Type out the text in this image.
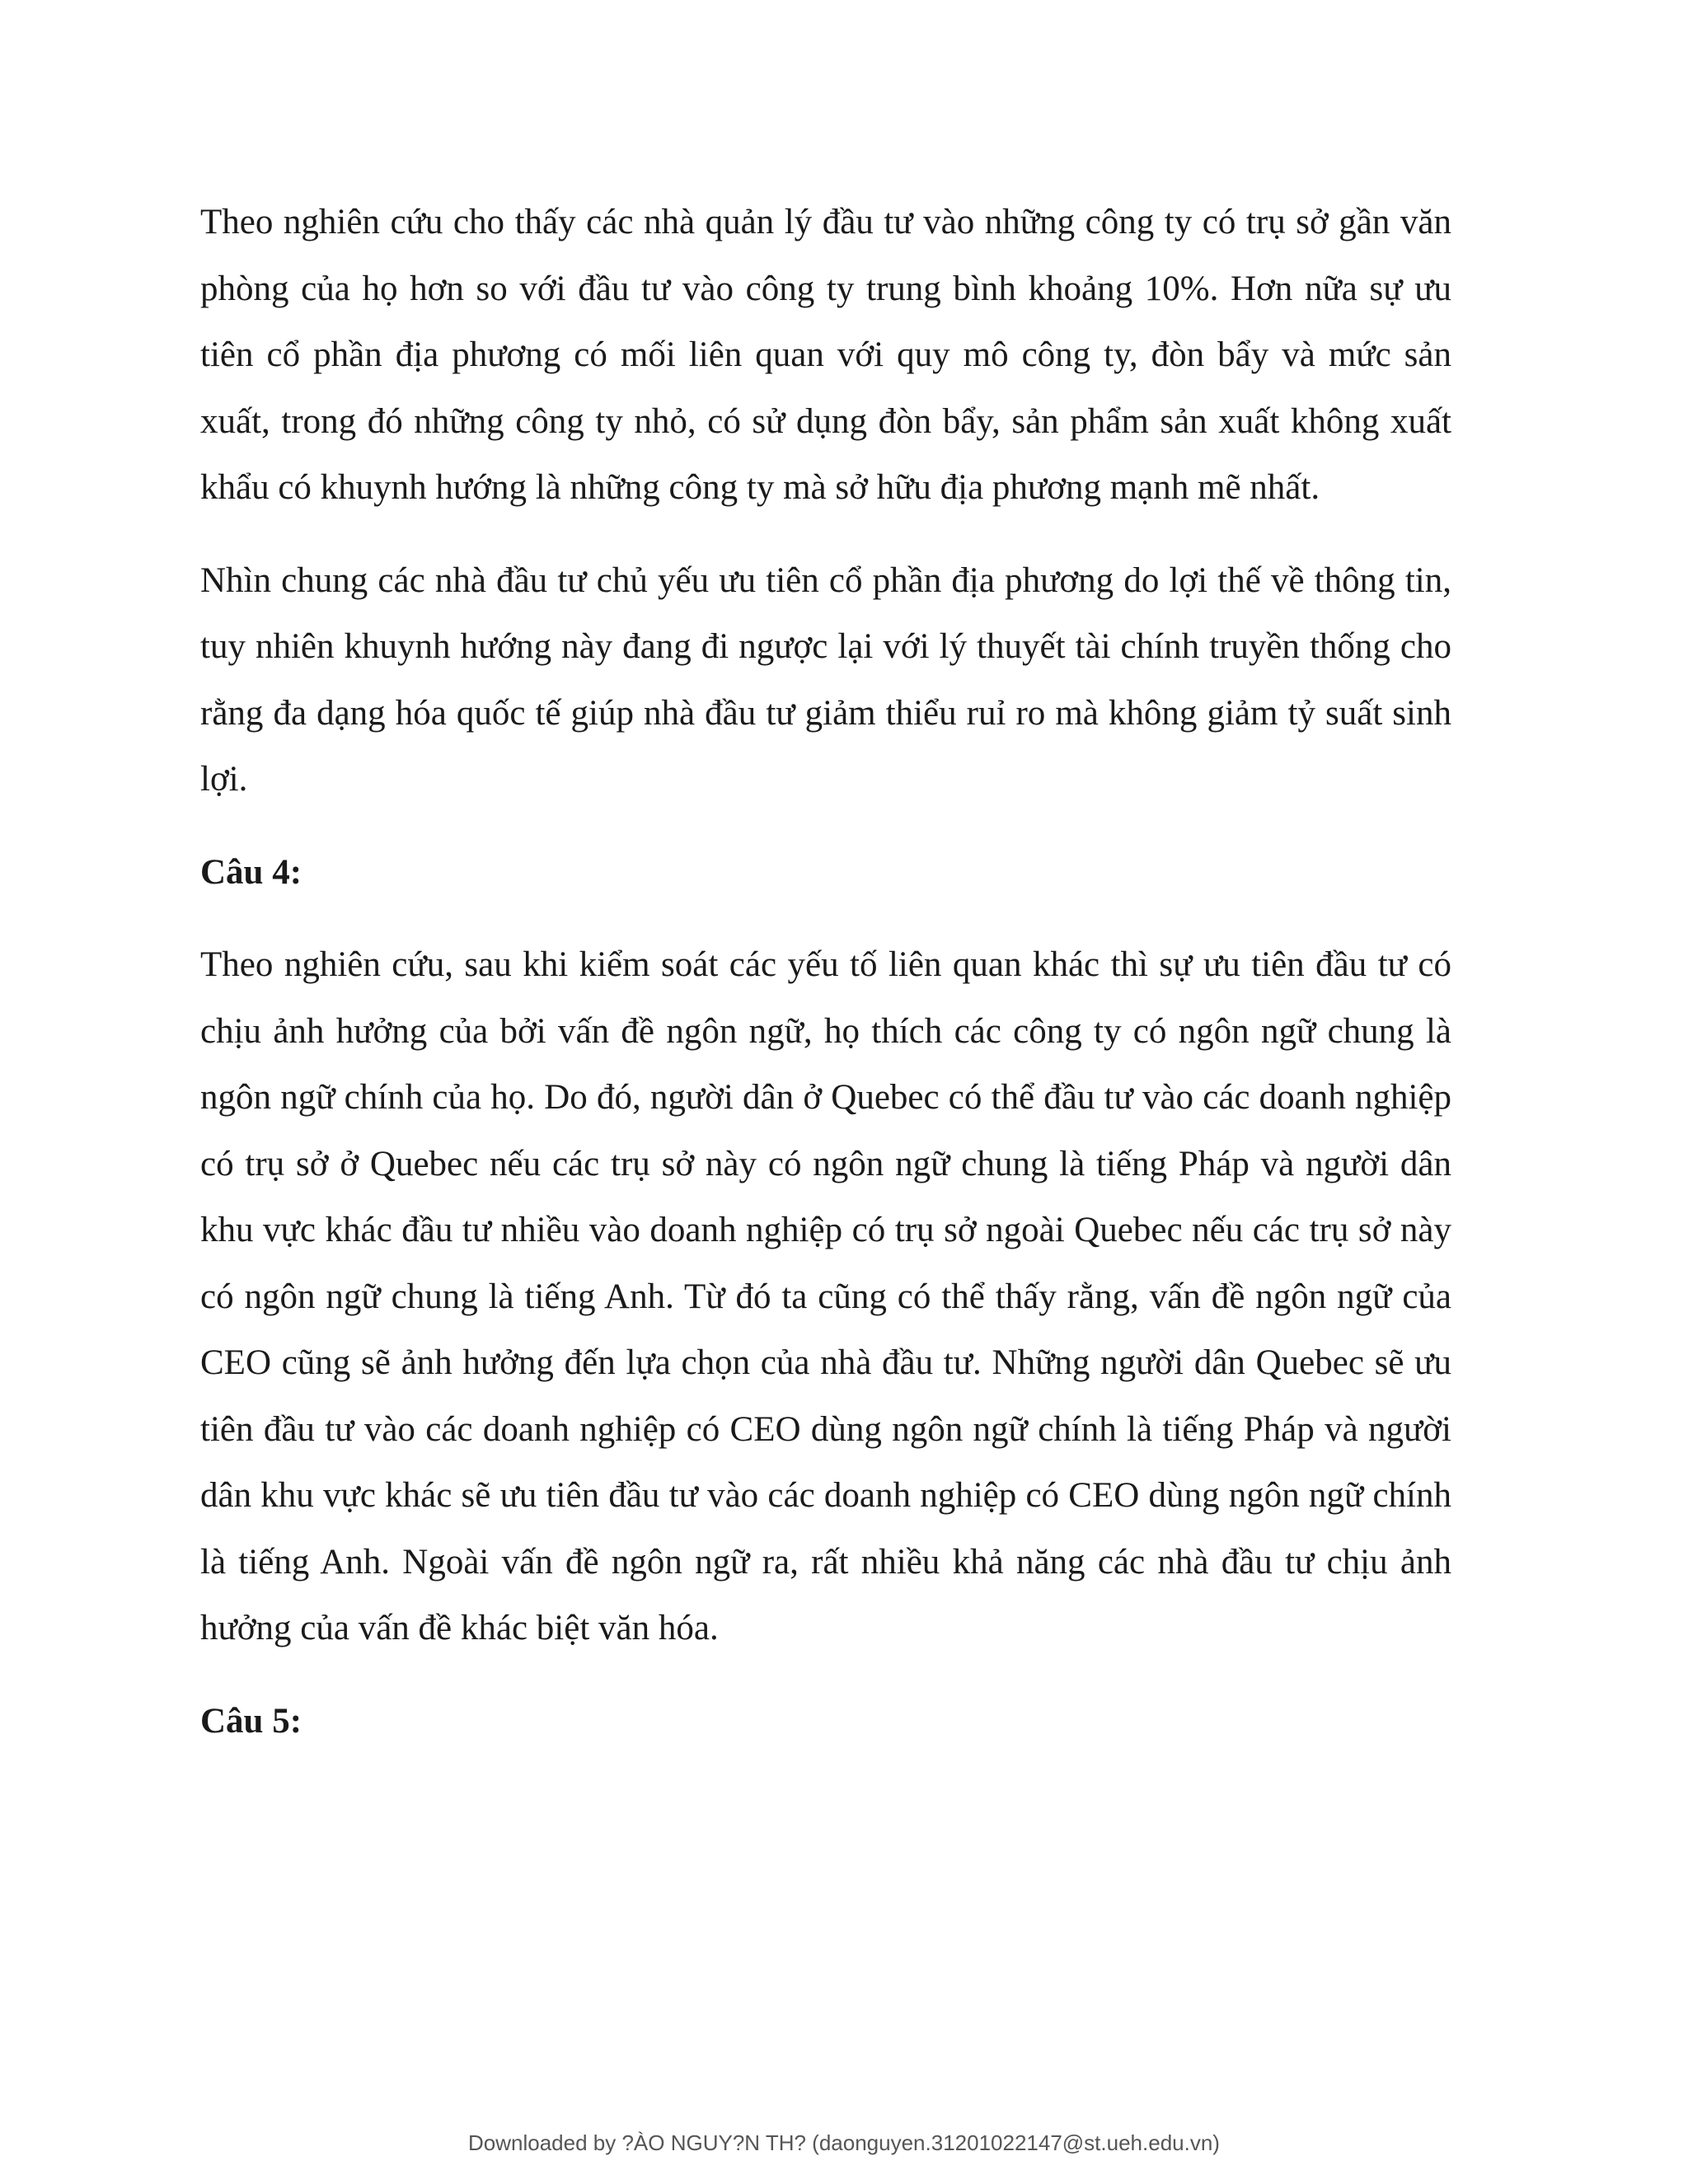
Theo nghiên cứu cho thấy các nhà quản lý đầu tư vào những công ty có trụ sở gần văn phòng của họ hơn so với đầu tư vào công ty trung bình khoảng 10%. Hơn nữa sự ưu tiên cổ phần địa phương có mối liên quan với quy mô công ty, đòn bẩy và mức sản xuất, trong đó những công ty nhỏ, có sử dụng đòn bẩy, sản phẩm sản xuất không xuất khẩu có khuynh hướng là những công ty mà sở hữu địa phương mạnh mẽ nhất.

Nhìn chung các nhà đầu tư chủ yếu ưu tiên cổ phần địa phương do lợi thế về thông tin, tuy nhiên khuynh hướng này đang đi ngược lại với lý thuyết tài chính truyền thống cho rằng đa dạng hóa quốc tế giúp nhà đầu tư giảm thiểu ruỉ ro mà không giảm tỷ suất sinh lợi.

Câu 4:

Theo nghiên cứu, sau khi kiểm soát các yếu tố liên quan khác thì sự ưu tiên đầu tư có chịu ảnh hưởng của bởi vấn đề ngôn ngữ, họ thích các công ty có ngôn ngữ chung là ngôn ngữ chính của họ. Do đó, người dân ở Quebec có thể đầu tư vào các doanh nghiệp có trụ sở ở Quebec nếu các trụ sở này có ngôn ngữ chung là tiếng Pháp và người dân khu vực khác đầu tư nhiều vào doanh nghiệp có trụ sở ngoài Quebec nếu các trụ sở này có ngôn ngữ chung là tiếng Anh. Từ đó ta cũng có thể thấy rằng, vấn đề ngôn ngữ của CEO cũng sẽ ảnh hưởng đến lựa chọn của nhà đầu tư. Những người dân Quebec sẽ ưu tiên đầu tư vào các doanh nghiệp có CEO dùng ngôn ngữ chính là tiếng Pháp và người dân khu vực khác sẽ ưu tiên đầu tư vào các doanh nghiệp có CEO dùng ngôn ngữ chính là tiếng Anh. Ngoài vấn đề ngôn ngữ ra, rất nhiều khả năng các nhà đầu tư chịu ảnh hưởng của vấn đề khác biệt văn hóa.

Câu 5:

Downloaded by ?ÀO NGUY?N TH? (daonguyen.31201022147@st.ueh.edu.vn)
